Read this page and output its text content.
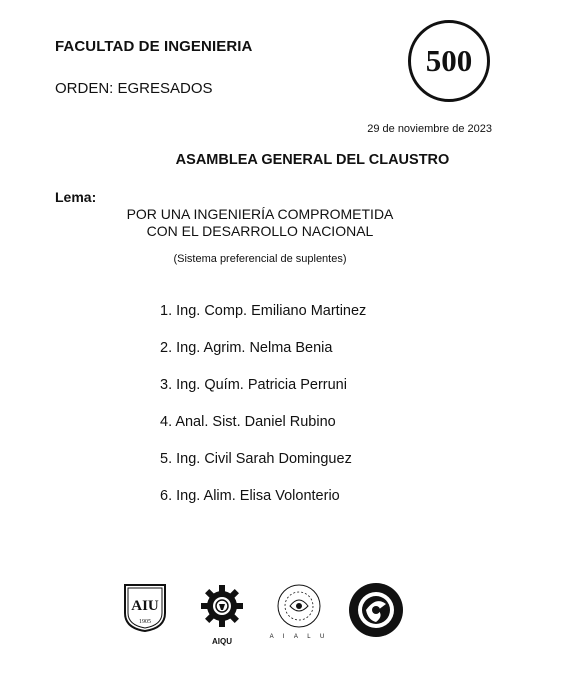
FACULTAD DE INGENIERIA
ORDEN: EGRESADOS
500
29 de noviembre de 2023
ASAMBLEA GENERAL DEL CLAUSTRO
Lema:
POR UNA INGENIERÍA COMPROMETIDA
CON EL DESARROLLO NACIONAL
(Sistema preferencial de suplentes)
1. Ing. Comp. Emiliano Martinez
2. Ing. Agrim. Nelma Benia
3. Ing. Quím. Patricia Perruni
4. Anal. Sist. Daniel Rubino
5. Ing. Civil Sarah Dominguez
6. Ing. Alim. Elisa Volonterio
AIU
1905
AIQU	A I A L U
